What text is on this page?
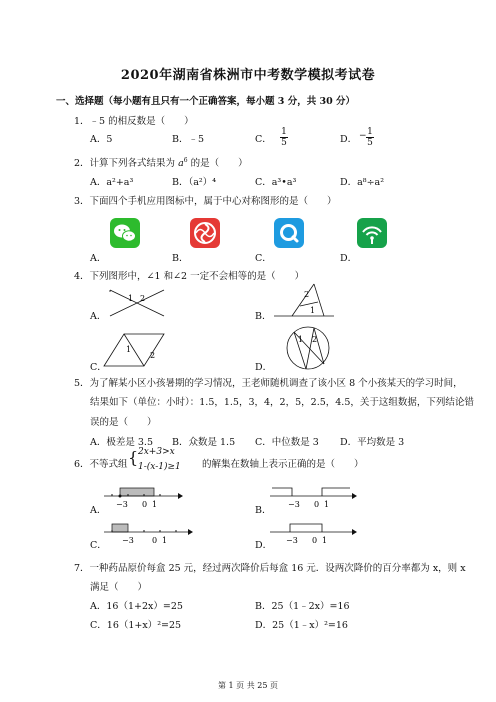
2020年湖南省株洲市中考数学模拟考试卷
一、选择题（每小题有且只有一个正确答案，每小题 3 分，共 30 分）
1．﹣5 的相反数是（　　）
A．5	B．﹣5	C．
1
5	D． − 1
5
2．计算下列各式结果为 $a^6$ 的是（　　）
A．a²+a³	B．（a²）⁴	C．a³•a³	D．a⁸÷a²
3．下面四个手机应用图标中，属于中心对称图形的是（　　）
A．	B．	C．	D．
4．下列图形中，∠1 和∠2 一定不会相等的是（　　）
A．
1 2
B．
2
1
C．
1
2
D．
1 2
5．为了解某小区小孩暑期的学习情况，王老师随机调查了该小区 8 个小孩某天的学习时间，
结果如下（单位：小时）：1.5，1.5，3，4，2，5，2.5，4.5，关于这组数据，下列结论错
误的是（　　）
A．极差是 3.5 B．众数是 1.5 C．中位数是 3 D．平均数是 3
6．不等式组 { 2x+3>x
1-(x-1)≥1 的解集在数轴上表示正确的是（　　）
A．
−3 0 1
B．
−3 0 1
C． −3 0 1	D． −3 0 1
7．一种药品原价每盒 25 元，经过两次降价后每盒 16 元．设两次降价的百分率都为 x，则 x
满足（　　）
A．16（1+2x）=25	B．25（1﹣2x）=16
C．16（1+x）²=25	D．25（1﹣x）²=16
第 1 页 共 25 页
